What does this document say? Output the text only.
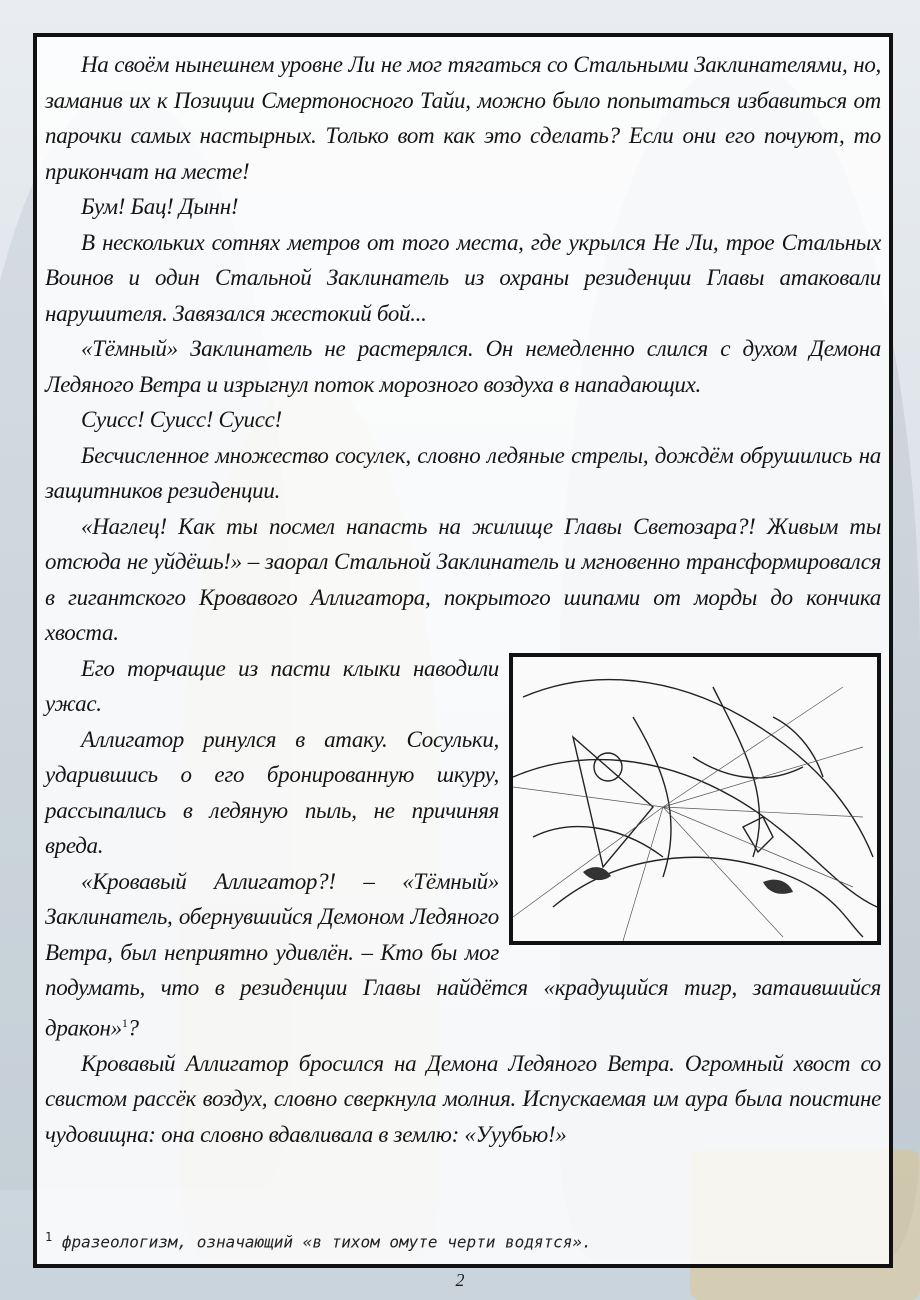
На своём нынешнем уровне Ли не мог тягаться со Стальными Заклинателями, но, заманив их к Позиции Смертоносного Тайи, можно было попытаться избавиться от парочки самых настырных. Только вот как это сделать? Если они его почуют, то прикончат на месте!

Бум! Бац! Дынн!

В нескольких сотнях метров от того места, где укрылся Не Ли, трое Стальных Воинов и один Стальной Заклинатель из охраны резиденции Главы атаковали нарушителя. Завязался жестокий бой...

«Тёмный» Заклинатель не растерялся. Он немедленно слился с духом Демона Ледяного Ветра и изрыгнул поток морозного воздуха в нападающих.

Суисс! Суисс! Суисс!

Бесчисленное множество сосулек, словно ледяные стрелы, дождём обрушились на защитников резиденции.

«Наглец! Как ты посмел напасть на жилище Главы Светозара?! Живым ты отсюда не уйдёшь!» – заорал Стальной Заклинатель и мгновенно трансформировался в гигантского Кровавого Аллигатора, покрытого шипами от морды до кончика хвоста.

Его торчащие из пасти клыки наводили ужас.

Аллигатор ринулся в атаку. Сосульки, ударившись о его бронированную шкуру, рассыпались в ледяную пыль, не причиняя вреда.

«Кровавый Аллигатор?! – «Тёмный» Заклинатель, обернувшийся Демоном Ледяного Ветра, был неприятно удивлён. – Кто бы мог подумать, что в резиденции Главы найдётся «крадущийся тигр, затаившийся дракон»$^1$?

Кровавый Аллигатор бросился на Демона Ледяного Ветра. Огромный хвост со свистом рассёк воздух, словно сверкнула молния. Испускаемая им аура была поистине чудовищна: она словно вдавливала в землю: «Ууубью!»

$^1$ фразеологизм, означающий «в тихом омуте черти водятся».
2
